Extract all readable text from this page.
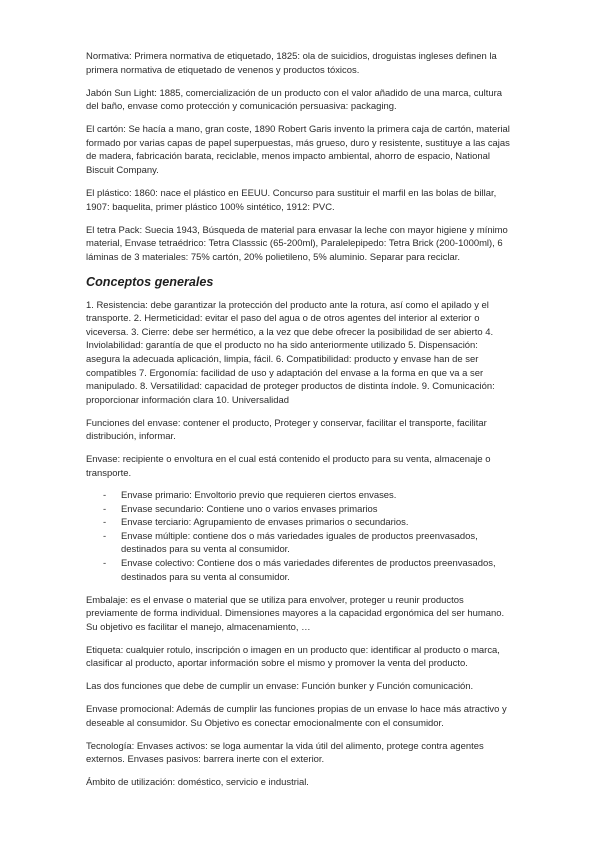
Normativa: Primera normativa de etiquetado, 1825: ola de suicidios, droguistas ingleses definen la primera normativa de etiquetado de venenos y productos tóxicos.

Jabón Sun Light: 1885, comercialización de un producto con el valor añadido de una marca, cultura del baño, envase como protección y comunicación persuasiva: packaging.

El cartón: Se hacía a mano, gran coste, 1890 Robert Garis invento la primera caja de cartón, material formado por varias capas de papel superpuestas, más grueso, duro y resistente, sustituye a las cajas de madera, fabricación barata, reciclable, menos impacto ambiental, ahorro de espacio, National Biscuit Company.

El plástico: 1860: nace el plástico en EEUU. Concurso para sustituir el marfil en las bolas de billar, 1907: baquelita, primer plástico 100% sintético, 1912: PVC.

El tetra Pack: Suecia 1943, Búsqueda de material para envasar la leche con mayor higiene y mínimo material, Envase tetraédrico: Tetra Classsic (65-200ml), Paralelepipedo: Tetra Brick (200-1000ml), 6 láminas de 3 materiales: 75% cartón, 20% polietileno, 5% aluminio. Separar para reciclar.

Conceptos generales

1. Resistencia: debe garantizar la protección del producto ante la rotura, así como el apilado y el transporte. 2. Hermeticidad: evitar el paso del agua o de otros agentes del interior al exterior o viceversa. 3. Cierre: debe ser hermético, a la vez que debe ofrecer la posibilidad de ser abierto 4. Inviolabilidad: garantía de que el producto no ha sido anteriormente utilizado 5. Dispensación: asegura la adecuada aplicación, limpia, fácil. 6. Compatibilidad: producto y envase han de ser compatibles 7. Ergonomía: facilidad de uso y adaptación del envase a la forma en que va a ser manipulado. 8. Versatilidad: capacidad de proteger productos de distinta índole. 9. Comunicación: proporcionar información clara 10. Universalidad

Funciones del envase: contener el producto, Proteger y conservar, facilitar el transporte, facilitar distribución, informar.

Envase: recipiente o envoltura en el cual está contenido el producto para su venta, almacenaje o transporte.

- Envase primario: Envoltorio previo que requieren ciertos envases.
- Envase secundario: Contiene uno o varios envases primarios
- Envase terciario: Agrupamiento de envases primarios o secundarios.
- Envase múltiple: contiene dos o más variedades iguales de productos preenvasados, destinados para su venta al consumidor.
- Envase colectivo: Contiene dos o más variedades diferentes de productos preenvasados, destinados para su venta al consumidor.

Embalaje: es el envase o material que se utiliza para envolver, proteger u reunir productos previamente de forma individual. Dimensiones mayores a la capacidad ergonómica del ser humano. Su objetivo es facilitar el manejo, almacenamiento, …

Etiqueta: cualquier rotulo, inscripción o imagen en un producto que: identificar al producto o marca, clasificar al producto, aportar información sobre el mismo y promover la venta del producto.

Las dos funciones que debe de cumplir un envase: Función bunker y Función comunicación.

Envase promocional: Además de cumplir las funciones propias de un envase lo hace más atractivo y deseable al consumidor. Su Objetivo es conectar emocionalmente con el consumidor.

Tecnología: Envases activos: se loga aumentar la vida útil del alimento, protege contra agentes externos. Envases pasivos: barrera inerte con el exterior.

Ámbito de utilización: doméstico, servicio e industrial.
